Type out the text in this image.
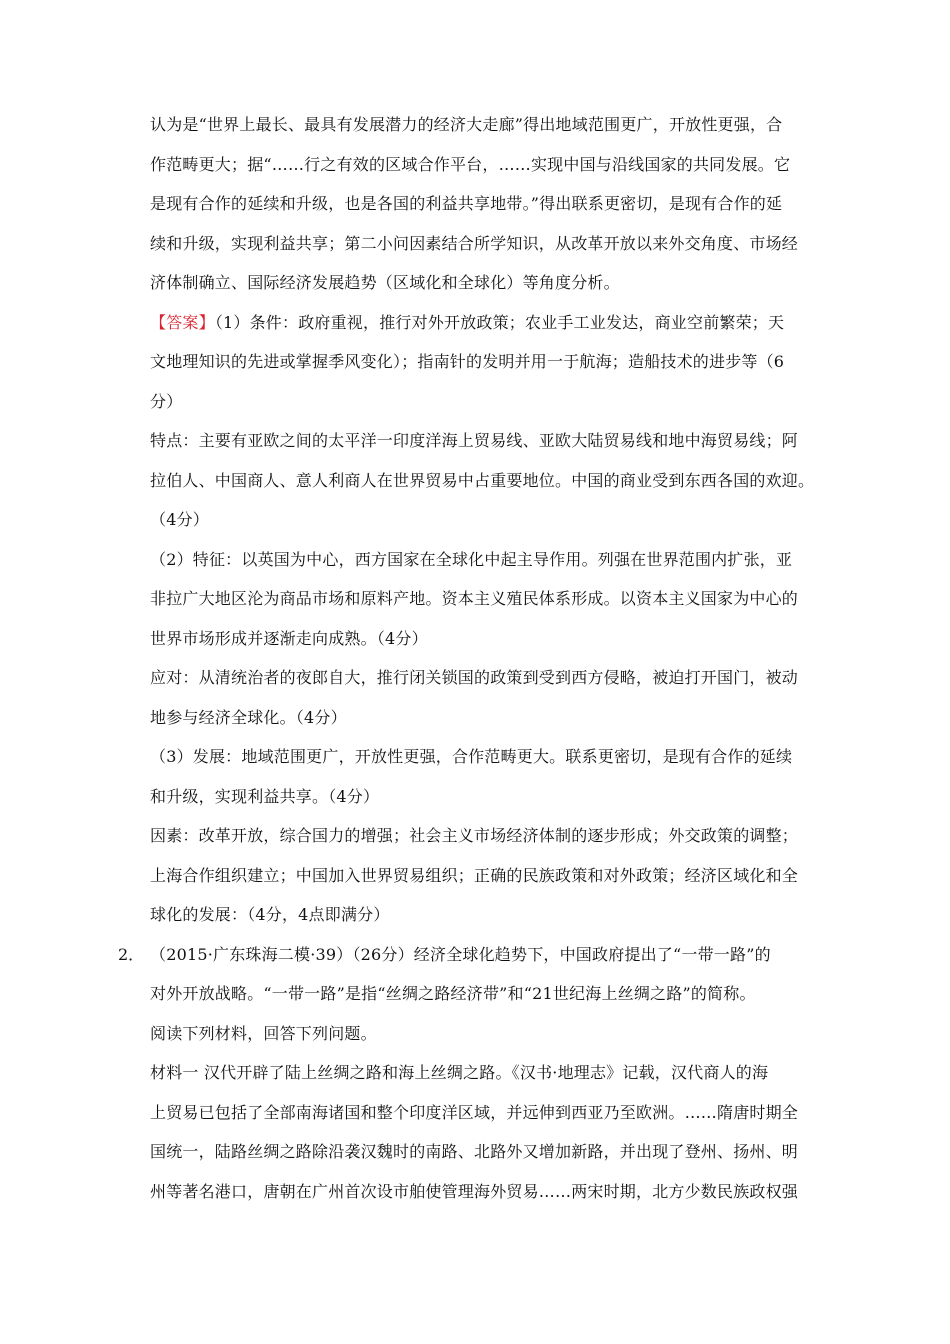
认为是“世界上最长、最具有发展潜力的经济大走廊”得出地域范围更广，开放性更强，合
作范畴更大；据“……行之有效的区域合作平台，……实现中国与沿线国家的共同发展。它
是现有合作的延续和升级，也是各国的利益共享地带。”得出联系更密切，是现有合作的延
续和升级，实现利益共享；第二小问因素结合所学知识，从改革开放以来外交角度、市场经
济体制确立、国际经济发展趋势（区域化和全球化）等角度分析。
【答案】（1）条件：政府重视，推行对外开放政策；农业手工业发达，商业空前繁荣；天
文地理知识的先进或掌握季风变化）；指南针的发明并用一于航海；造船技术的进步等（6
分）
特点：主要有亚欧之间的太平洋一印度洋海上贸易线、亚欧大陆贸易线和地中海贸易线；阿
拉伯人、中国商人、意人利商人在世界贸易中占重要地位。中国的商业受到东西各国的欢迎。
（4分）
（2）特征：以英国为中心，西方国家在全球化中起主导作用。列强在世界范围内扩张，亚
非拉广大地区沦为商品市场和原料产地。资本主义殖民体系形成。以资本主义国家为中心的
世界市场形成并逐渐走向成熟。（4分）
应对：从清统治者的夜郎自大，推行闭关锁国的政策到受到西方侵略，被迫打开国门，被动
地参与经济全球化。（4分）
（3）发展：地域范围更广，开放性更强，合作范畴更大。联系更密切，是现有合作的延续
和升级，实现利益共享。（4分）
因素：改革开放，综合国力的增强；社会主义市场经济体制的逐步形成；外交政策的调整；
上海合作组织建立；中国加入世界贸易组织；正确的民族政策和对外政策；经济区域化和全
球化的发展：（4分，4点即满分）
2． （2015·广东珠海二模·39）（26分）经济全球化趋势下，中国政府提出了“一带一路”的
对外开放战略。“一带一路”是指“丝绸之路经济带”和“21世纪海上丝绸之路”的简称。
阅读下列材料，回答下列问题。
材料一 汉代开辟了陆上丝绸之路和海上丝绸之路。《汉书·地理志》记载，汉代商人的海
上贸易已包括了全部南海诸国和整个印度洋区域，并远伸到西亚乃至欧洲。……隋唐时期全
国统一，陆路丝绸之路除沿袭汉魏时的南路、北路外又增加新路，并出现了登州、扬州、明
州等著名港口，唐朝在广州首次设市舶使管理海外贸易……两宋时期，北方少数民族政权强
